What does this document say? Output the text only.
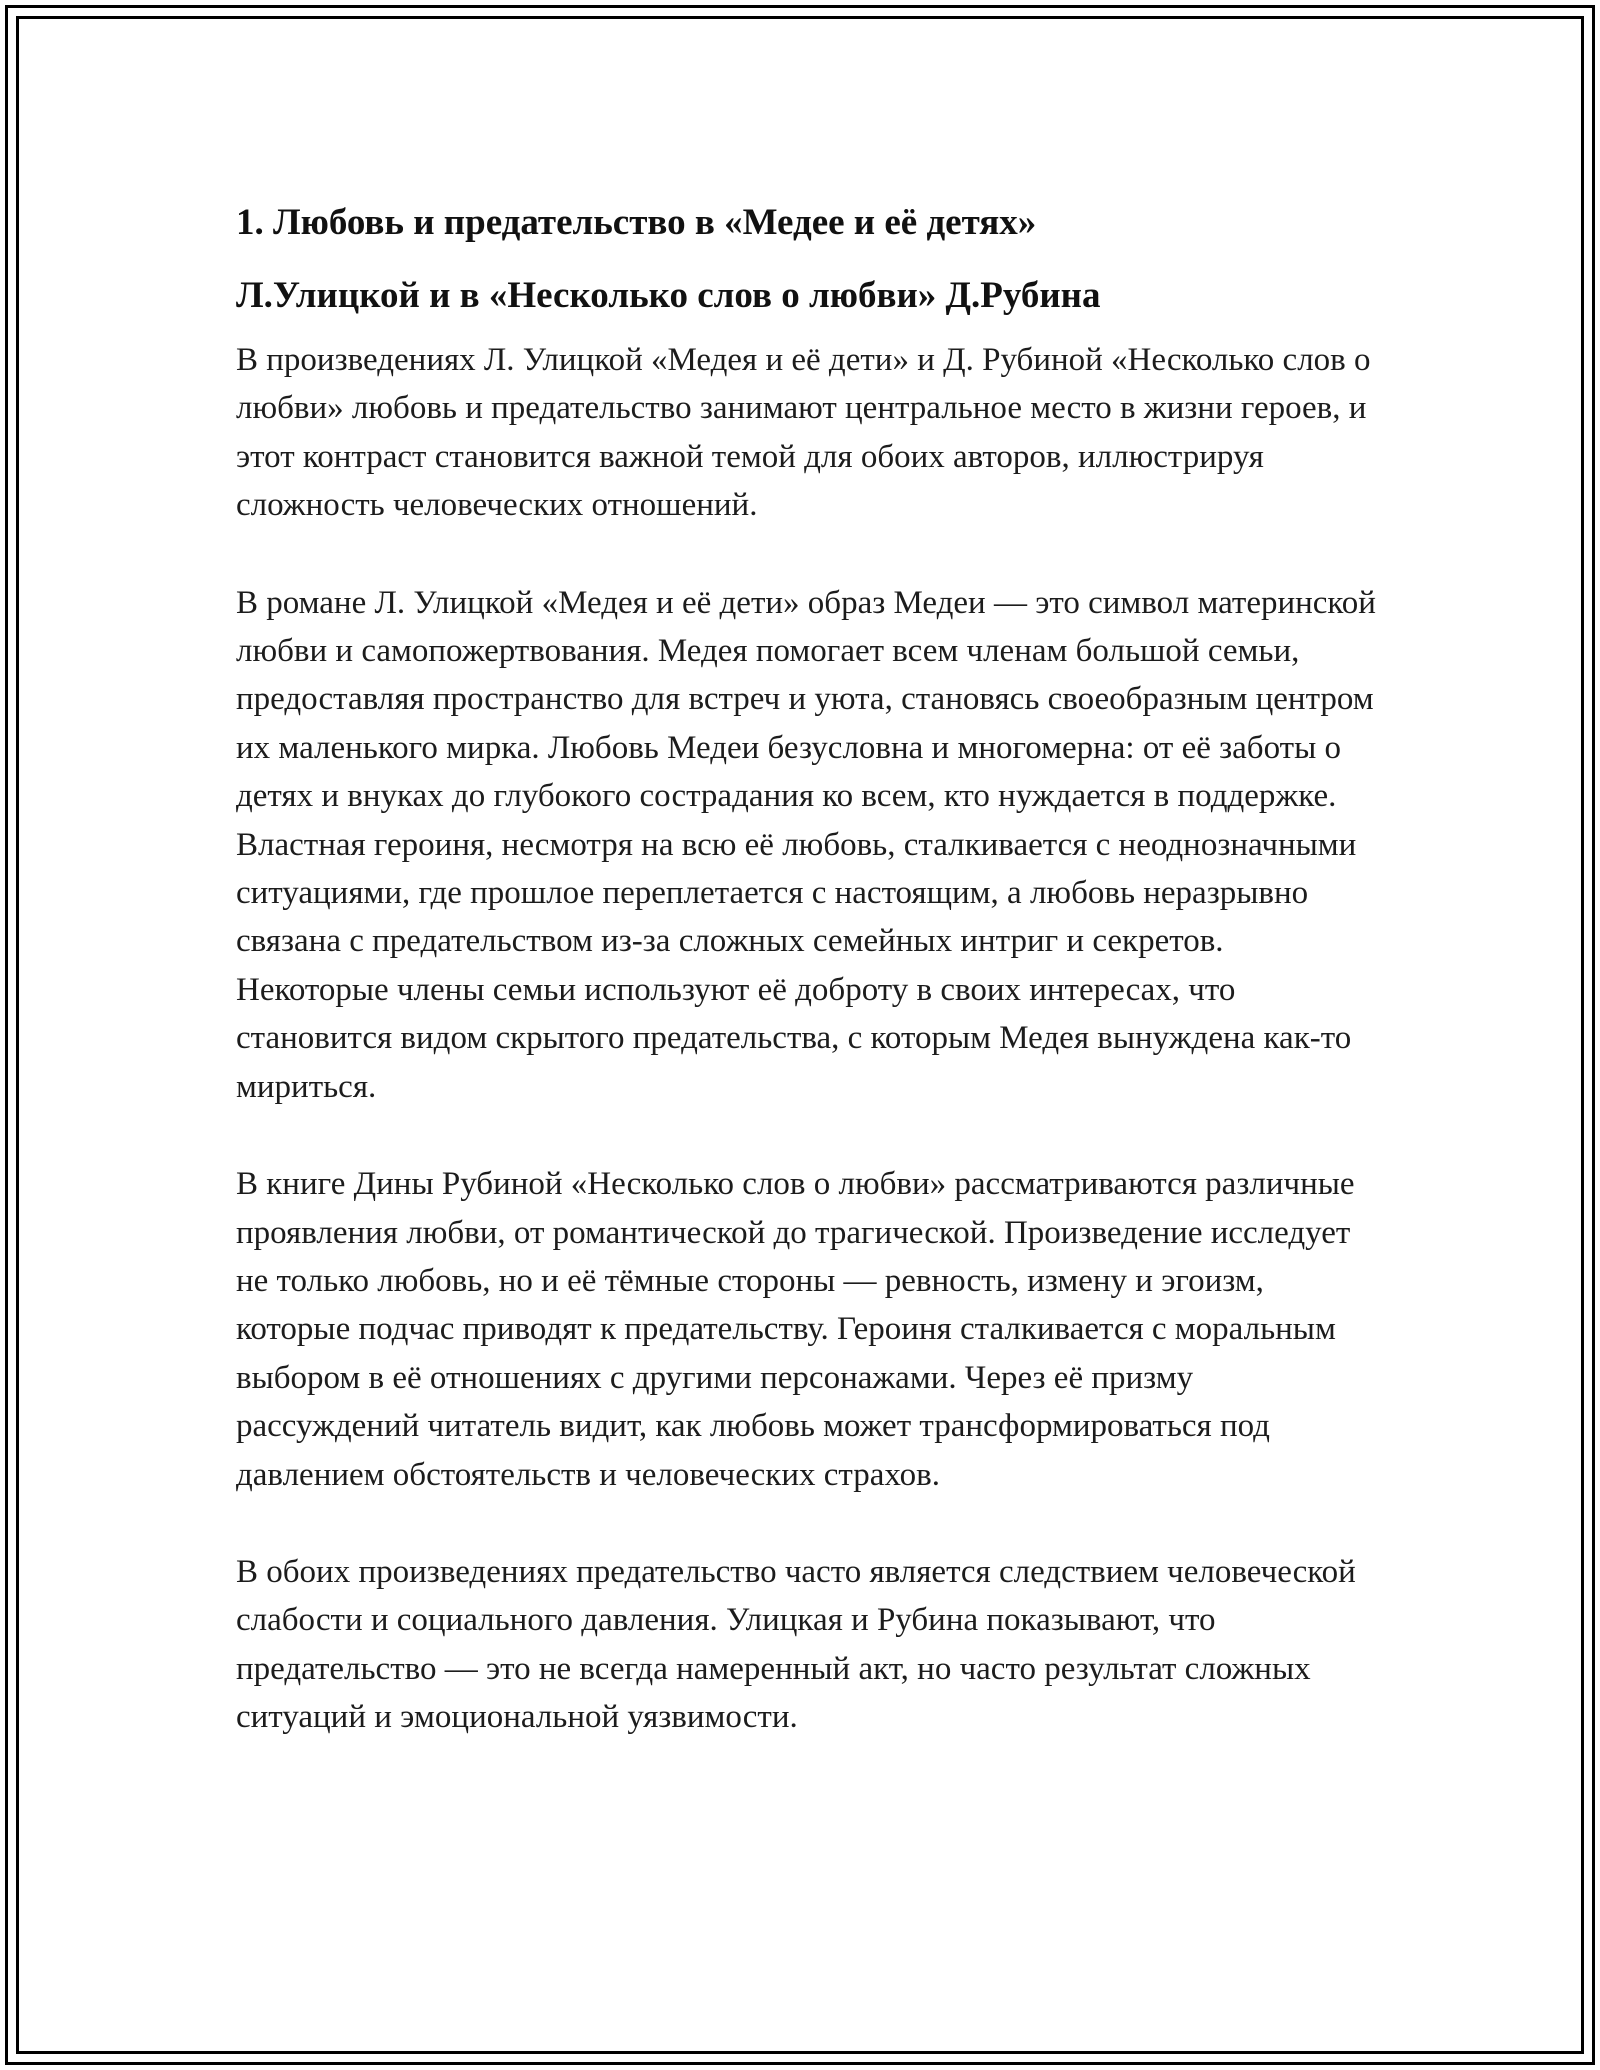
1. Любовь и предательство в «Медее и её детях»
Л.Улицкой и в «Несколько слов о любви» Д.Рубина

В произведениях Л. Улицкой «Медея и её дети» и Д. Рубиной «Несколько слов о любви» любовь и предательство занимают центральное место в жизни героев, и этот контраст становится важной темой для обоих авторов, иллюстрируя сложность человеческих отношений.

В романе Л. Улицкой «Медея и её дети» образ Медеи — это символ материнской любви и самопожертвования. Медея помогает всем членам большой семьи, предоставляя пространство для встреч и уюта, становясь своеобразным центром их маленького мирка. Любовь Медеи безусловна и многомерна: от её заботы о детях и внуках до глубокого сострадания ко всем, кто нуждается в поддержке. Властная героиня, несмотря на всю её любовь, сталкивается с неоднозначными ситуациями, где прошлое переплетается с настоящим, а любовь неразрывно связана с предательством из-за сложных семейных интриг и секретов. Некоторые члены семьи используют её доброту в своих интересах, что становится видом скрытого предательства, с которым Медея вынуждена как-то мириться.

В книге Дины Рубиной «Несколько слов о любви» рассматриваются различные проявления любви, от романтической до трагической. Произведение исследует не только любовь, но и её тёмные стороны — ревность, измену и эгоизм, которые подчас приводят к предательству. Героиня сталкивается с моральным выбором в её отношениях с другими персонажами. Через её призму рассуждений читатель видит, как любовь может трансформироваться под давлением обстоятельств и человеческих страхов.

В обоих произведениях предательство часто является следствием человеческой слабости и социального давления. Улицкая и Рубина показывают, что предательство — это не всегда намеренный акт, но часто результат сложных ситуаций и эмоциональной уязвимости.
